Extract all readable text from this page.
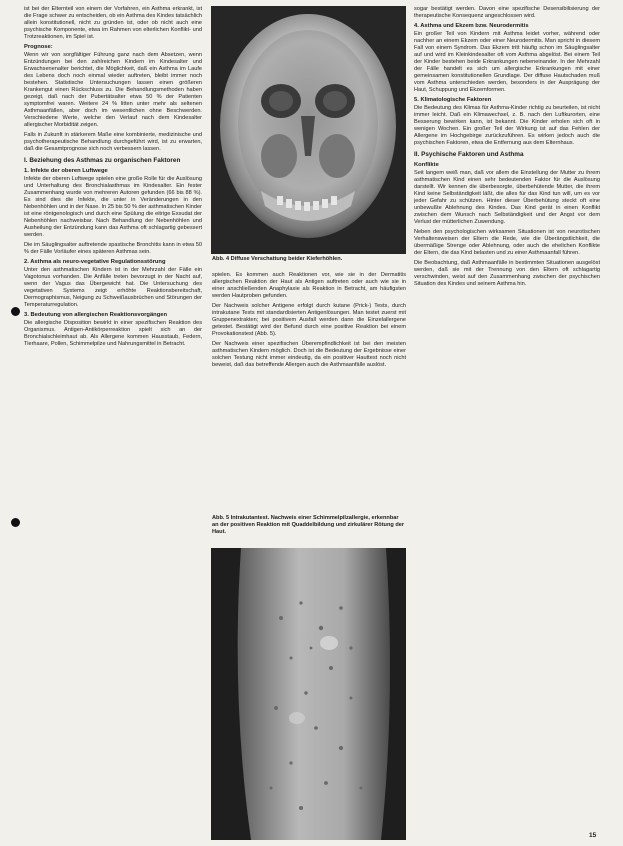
ist bei der Elternteil von einem der Vorfahren, ein Asthma erkrankt, ist die Frage schwer zu entscheiden, ob ein Asthma des Kindes tatsächlich allein konstitutionell, nicht zu gründen ist, oder ob nicht auch eine psychische Komponente, etwa im Rahmen von elterlichen Konflikt- und Trotzreaktionen, im Spiel ist.

Prognose:

Wenn wir von sorgfältiger Führung ganz nach dem Absetzen, wenn Entzündungen bei den zahlreichen Kindern im Kindesalter und Erwachsenenalter berichtet, die Möglichkeit, daß ein Asthma im Laufe des Lebens doch noch einmal wieder auftreten, bleibt immer noch bestehen. Statistische Untersuchungen lassen einen größeren Krankengut einen Rückschluss zu. Die Behandlungsmethoden haben gezeigt, daß nach der Pubertätsalter etwa 50 % der Patienten symptomfrei waren. Weitere 24 % litten unter mehr als seltenen Asthmaanfällen, aber doch im wesentlichen ohne Beschwerden. Verschiedene Werte, welche den Verlauf nach dem Kindesalter allergischer Morbidität zeigen.

Falls in Zukunft in stärkerem Maße eine kombinierte, medizinische und psychotherapeutische Behandlung durchgeführt wird, ist zu erwarten, daß die Gesamtprognose sich noch verbessern lassen.

I. Beziehung des Asthmas zu organischen Faktoren
1. Infekte der oberen Luftwege

Infekte der oberen Luftwege spielen eine große Rolle für die Auslösung und Unterhaltung des Bronchialasthmas im Kindesalter. Ein fester Zusammenhang wurde von mehreren Autoren gefunden (66 bis 88 %). Es sind dies die Infekte, die unter in Veränderungen in den Nebenhöhlen und in der Nase. In 25 bis 50 % der asthmatischen Kinder ist eine röntgenologisch und durch eine Spülung die eitrige Exsudat der Nebenhöhlen nachweisbar. Nach Behandlung der Nebenhöhlen und Ausheilung der Entzündung kann das Asthma oft schlagartig gebessert werden.

Die im Säuglingsalter auftretende spastische Bronchitis kann in etwa 50 % der Fälle Vorläufer eines späteren Asthmas sein.

2. Asthma als neuro-vegetative Regulationsstörung

Unter den asthmatischen Kindern ist in der Mehrzahl der Fälle ein Vagotonus vorhanden. Die Anfälle treten bevorzugt in der Nacht auf, wenn der Vagus das Übergewicht hat. Die Untersuchung des vegetativen Systems zeigt erhöhte Reaktionsbereitschaft, Dermographismus, Neigung zu Schweißausbrüchen und Störungen der Temperaturregulation.

3. Bedeutung von allergischen Reaktionsvorgängen

Die allergische Disposition bewirkt in einer spezifischen Reaktion des Organismus. Antigen-Antikörperreaktion spielt sich an der Bronchialschleimhaut ab. Als Allergene kommen Hausstaub, Federn, Tierhaare, Pollen, Schimmelpilze und Nahrungsmittel in Betracht.

Abb. 4 Diffuse Verschattung beider Kieferhöhlen.

spielen. Es kommen auch Reaktionen vor, wie sie in der Dermatitis allergischen Reaktion der Haut als Antigen auftreten oder auch wie sie in einer anschließenden Anaphylaxie als Reaktion in Betracht, am häufigsten werden Hautproben gefunden.

Der Nachweis solcher Antigene erfolgt durch kutane (Prick-) Tests, durch intrakutane Tests mit standardisierten Antigenlösungen. Man testet zuerst mit Gruppenextrakten; bei positivem Ausfall werden dann die Einzelallergene getestet. Bestätigt wird der Befund durch eine positive Reaktion bei einem Provokationstest (Abb. 5).

Der Nachweis einer spezifischen Überempfindlichkeit ist bei den meisten asthmatischen Kindern möglich. Doch ist die Bedeutung der Ergebnisse einer solchen Testung nicht immer eindeutig, da ein positiver Hauttest noch nicht beweist, daß das betreffende Allergen auch die Asthmaanfälle auslöst.

Abb. 5 Intrakutantest. Nachweis einer Schimmelpilzallergie, erkennbar an der positiven Reaktion mit Quaddelbildung und zirkulärer Rötung der Haut.

sogar bestätigt werden. Davon eine spezifische Desensibilisierung der therapeutische Konsequenz angeschlossen wird.

4. Asthma und Ekzem bzw. Neurodermitis

Ein großer Teil von Kindern mit Asthma leidet vorher, während oder nachher an einem Ekzem oder einer Neurodermitis. Man spricht in diesem Fall von einem Syndrom. Das Ekzem tritt häufig schon im Säuglingsalter auf und wird im Kleinkindesalter oft vom Asthma abgelöst. Bei einem Teil der Kinder bestehen beide Erkrankungen nebeneinander. In der Mehrzahl der Fälle handelt es sich um allergische Erkrankungen mit einer gemeinsamen konstitutionellen Grundlage. Der diffuse Hautschaden muß vom Asthma unterschieden werden, besonders in der Ausprägung der Haut, Schuppung und Ekzemformen.

5. Klimatologische Faktoren

Die Bedeutung des Klimas für Asthma-Kinder richtig zu beurteilen, ist nicht immer leicht. Daß ein Klimawechsel, z. B. nach den Luftkurorten, eine Besserung bewirken kann, ist bekannt. Die Kinder erholen sich oft in wenigen Wochen. Ein großer Teil der Wirkung ist auf das Fehlen der Allergene im Hochgebirge zurückzuführen. Es wirken jedoch auch die psychischen Faktoren, etwa die Entfernung aus dem Elternhaus.

II. Psychische Faktoren und Asthma
Konflikte

Seit langem weiß man, daß vor allem die Einstellung der Mutter zu ihrem asthmatischen Kind einen sehr bedeutenden Faktor für die Auslösung darstellt. Wir kennen die überbesorgte, überbehütende Mutter, die ihrem Kind keine Selbständigkeit läßt, die alles für das Kind tun will, um es vor jeder Gefahr zu schützen. Hinter dieser Überbehütung steckt oft eine unbewußte Ablehnung des Kindes. Das Kind gerät in einen Konflikt zwischen dem Wunsch nach Selbständigkeit und der Angst vor dem Verlust der mütterlichen Zuwendung.

Neben den psychologischen wirksamen Situationen ist von neurotischen Verhaltensweisen der Eltern die Rede, wie die Überängstlichkeit, die übermäßige Strenge oder Ablehnung, oder auch die ehelichen Konflikte der Eltern, die das Kind belasten und zu einer Asthmaanfall führen.

Die Beobachtung, daß Asthmaanfälle in bestimmten Situationen ausgelöst werden, daß sie mit der Trennung von den Eltern oft schlagartig verschwinden, weist auf den Zusammenhang zwischen der psychischen Situation des Kindes und seinem Asthma hin.

15
